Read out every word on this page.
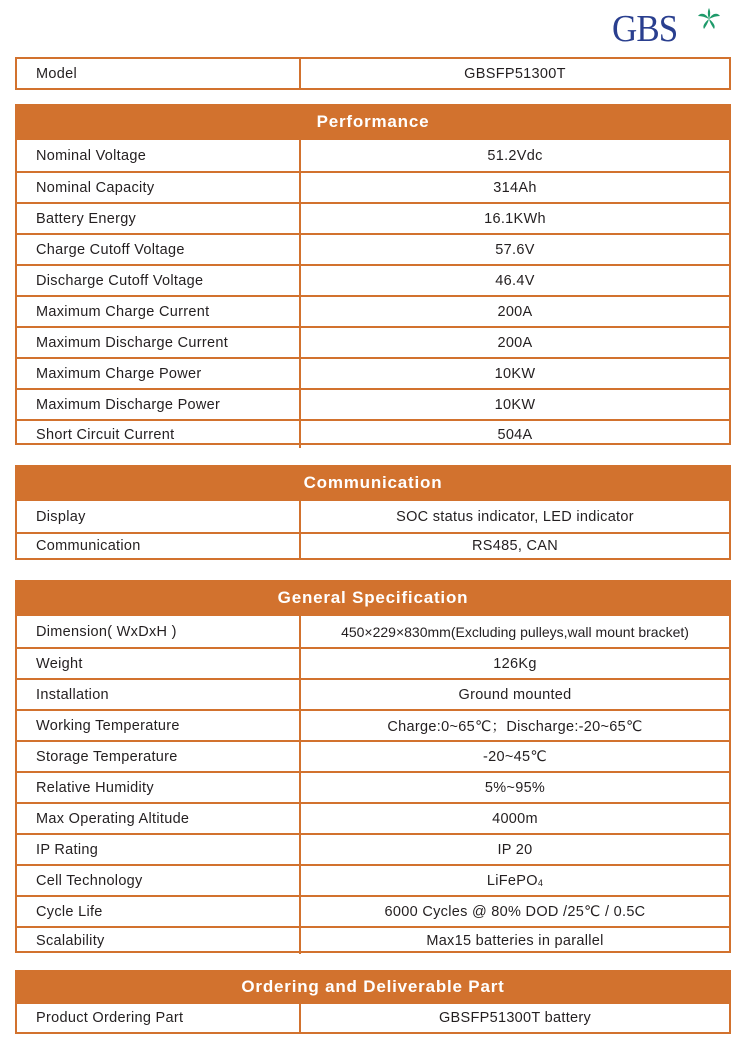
GBS
Model	GBSFP51300T
Performance
Nominal Voltage	51.2Vdc
Nominal Capacity	314Ah
Battery Energy	16.1KWh
Charge Cutoff Voltage	57.6V
Discharge Cutoff Voltage	46.4V
Maximum Charge Current	200A
Maximum Discharge Current	200A
Maximum Charge Power	10KW
Maximum Discharge Power	10KW
Short Circuit Current	504A
Communication
Display	SOC status indicator, LED indicator
Communication	RS485, CAN
General Specification
Dimension( WxDxH )	450×229×830mm(Excluding pulleys,wall mount bracket)
Weight	126Kg
Installation	Ground mounted
Working Temperature	Charge:0~65℃；Discharge:-20~65℃
Storage Temperature	-20~45℃
Relative Humidity	5%~95%
Max Operating Altitude	4000m
IP Rating	IP 20
Cell Technology	LiFePO$_4$
Cycle Life	6000 Cycles @ 80% DOD /25℃ / 0.5C
Scalability	Max15 batteries in parallel
Ordering and Deliverable Part
Product Ordering Part	GBSFP51300T battery
